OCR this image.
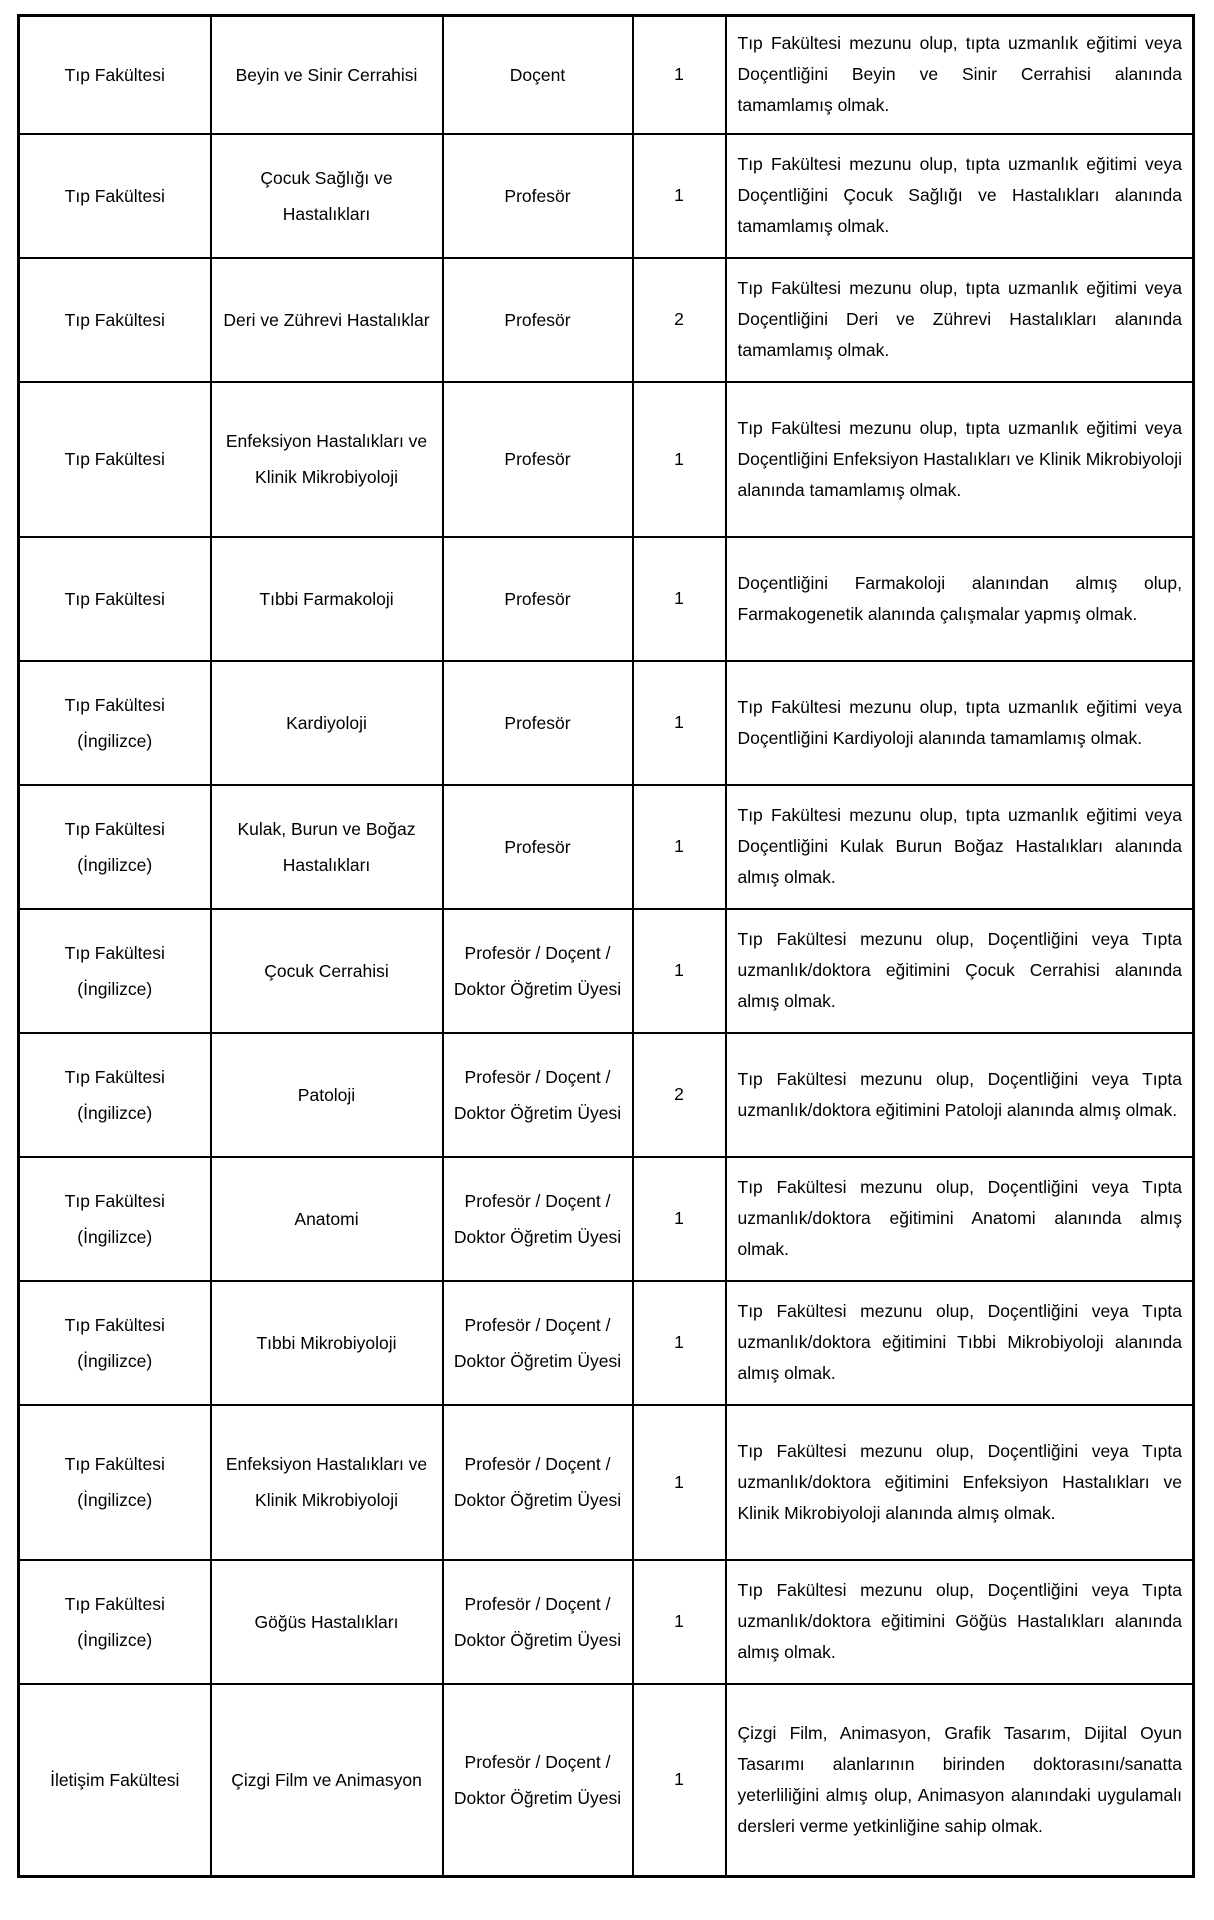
Tıp Fakültesi	Beyin ve Sinir Cerrahisi	Doçent	1	Tıp Fakültesi mezunu olup, tıpta uzmanlık eğitimi veya Doçentliğini Beyin ve Sinir Cerrahisi alanında tamamlamış olmak.
Tıp Fakültesi	Çocuk Sağlığı ve Hastalıkları	Profesör	1	Tıp Fakültesi mezunu olup, tıpta uzmanlık eğitimi veya Doçentliğini Çocuk Sağlığı ve Hastalıkları alanında tamamlamış olmak.
Tıp Fakültesi	Deri ve Zührevi Hastalıklar	Profesör	2	Tıp Fakültesi mezunu olup, tıpta uzmanlık eğitimi veya Doçentliğini Deri ve Zührevi Hastalıkları alanında tamamlamış olmak.
Tıp Fakültesi	Enfeksiyon Hastalıkları ve Klinik Mikrobiyoloji	Profesör	1	Tıp Fakültesi mezunu olup, tıpta uzmanlık eğitimi veya Doçentliğini Enfeksiyon Hastalıkları ve Klinik Mikrobiyoloji alanında tamamlamış olmak.
Tıp Fakültesi	Tıbbi Farmakoloji	Profesör	1	Doçentliğini Farmakoloji alanından almış olup, Farmakogenetik alanında çalışmalar yapmış olmak.
Tıp Fakültesi (İngilizce)	Kardiyoloji	Profesör	1	Tıp Fakültesi mezunu olup, tıpta uzmanlık eğitimi veya Doçentliğini Kardiyoloji alanında tamamlamış olmak.
Tıp Fakültesi (İngilizce)	Kulak, Burun ve Boğaz Hastalıkları	Profesör	1	Tıp Fakültesi mezunu olup, tıpta uzmanlık eğitimi veya Doçentliğini Kulak Burun Boğaz Hastalıkları alanında almış olmak.
Tıp Fakültesi (İngilizce)	Çocuk Cerrahisi	Profesör / Doçent / Doktor Öğretim Üyesi	1	Tıp Fakültesi mezunu olup, Doçentliğini veya Tıpta uzmanlık/doktora eğitimini Çocuk Cerrahisi alanında almış olmak.
Tıp Fakültesi (İngilizce)	Patoloji	Profesör / Doçent / Doktor Öğretim Üyesi	2	Tıp Fakültesi mezunu olup, Doçentliğini veya Tıpta uzmanlık/doktora eğitimini Patoloji alanında almış olmak.
Tıp Fakültesi (İngilizce)	Anatomi	Profesör / Doçent / Doktor Öğretim Üyesi	1	Tıp Fakültesi mezunu olup, Doçentliğini veya Tıpta uzmanlık/doktora eğitimini Anatomi alanında almış olmak.
Tıp Fakültesi (İngilizce)	Tıbbi Mikrobiyoloji	Profesör / Doçent / Doktor Öğretim Üyesi	1	Tıp Fakültesi mezunu olup, Doçentliğini veya Tıpta uzmanlık/doktora eğitimini Tıbbi Mikrobiyoloji alanında almış olmak.
Tıp Fakültesi (İngilizce)	Enfeksiyon Hastalıkları ve Klinik Mikrobiyoloji	Profesör / Doçent / Doktor Öğretim Üyesi	1	Tıp Fakültesi mezunu olup, Doçentliğini veya Tıpta uzmanlık/doktora eğitimini Enfeksiyon Hastalıkları ve Klinik Mikrobiyoloji alanında almış olmak.
Tıp Fakültesi (İngilizce)	Göğüs Hastalıkları	Profesör / Doçent / Doktor Öğretim Üyesi	1	Tıp Fakültesi mezunu olup, Doçentliğini veya Tıpta uzmanlık/doktora eğitimini Göğüs Hastalıkları alanında almış olmak.
İletişim Fakültesi	Çizgi Film ve Animasyon	Profesör / Doçent / Doktor Öğretim Üyesi	1	Çizgi Film, Animasyon, Grafik Tasarım, Dijital Oyun Tasarımı alanlarının birinden doktorasını/sanatta yeterliliğini almış olup, Animasyon alanındaki uygulamalı dersleri verme yetkinliğine sahip olmak.
